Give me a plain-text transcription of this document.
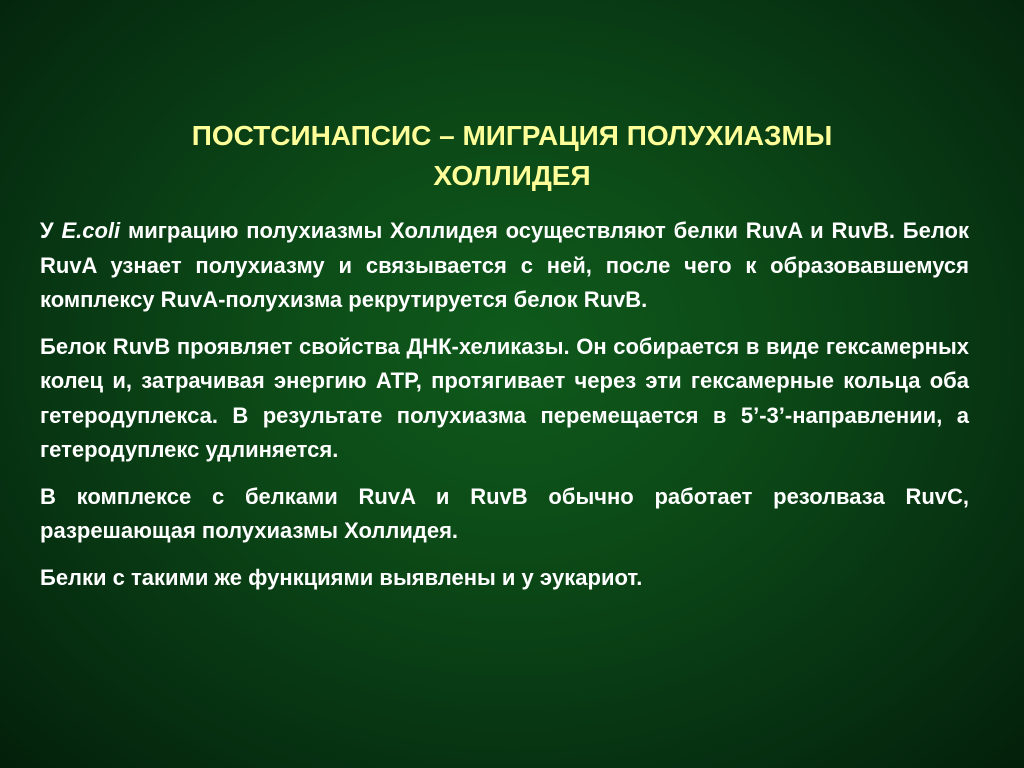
ПОСТСИНАПСИС – МИГРАЦИЯ ПОЛУХИАЗМЫ
ХОЛЛИДЕЯ

У E.coli миграцию полухиазмы Холлидея осуществляют белки RuvA и RuvB. Белок RuvA узнает полухиазму и связывается с ней, после чего к образовавшемуся комплексу RuvA-полухизма рекрутируется белок RuvB.

Белок RuvB проявляет свойства ДНК-хеликазы. Он собирается в виде гексамерных колец и, затрачивая энергию АТР, протягивает через эти гексамерные кольца оба гетеродуплекса. В результате полухиазма перемещается в 5’-3’-направлении, а гетеродуплекс удлиняется.

В комплексе с белками RuvA и RuvB обычно работает резолваза RuvC, разрешающая полухиазмы Холлидея.

Белки с такими же функциями выявлены и у эукариот.
